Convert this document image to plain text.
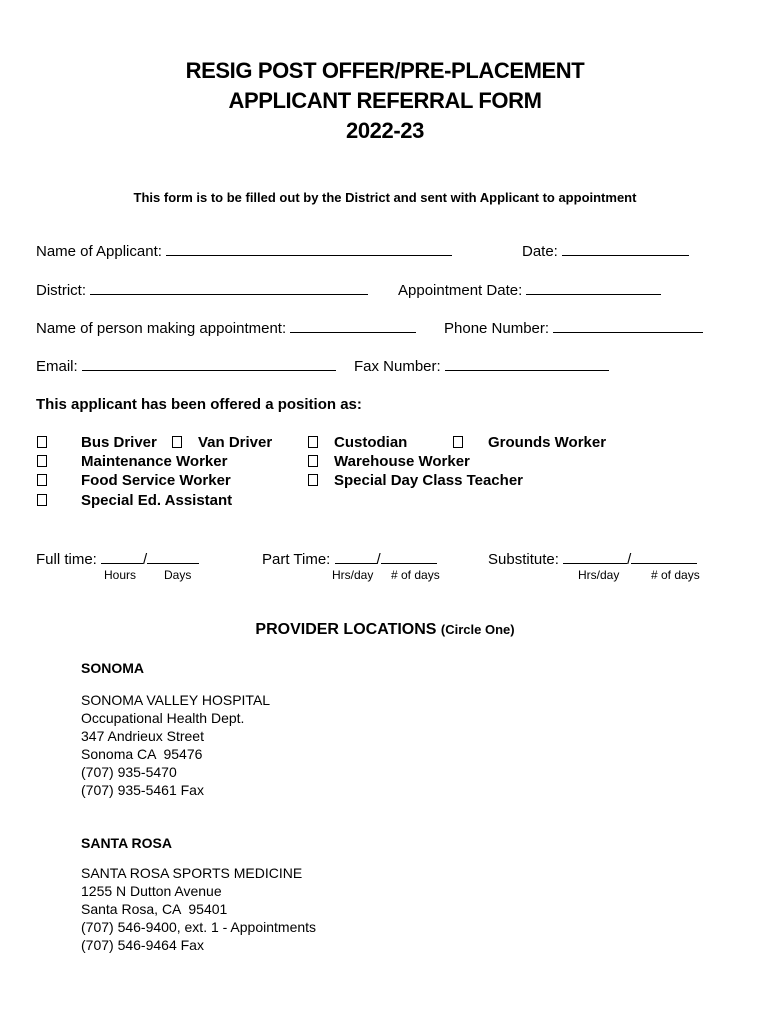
RESIG POST OFFER/PRE-PLACEMENT
APPLICANT REFERRAL FORM
2022-23
This form is to be filled out by the District and sent with Applicant to appointment
Name of Applicant:	Date:
District:	Appointment Date:
Name of person making appointment:	Phone Number:
Email:	Fax Number:
This applicant has been offered a position as:
Bus Driver	Van Driver
Maintenance Worker
Food Service Worker
Special Ed. Assistant
Custodian	Grounds Worker
Warehouse Worker
Special Day Class Teacher
Full time:	/
Hours Days
Part Time:	/
Hrs/day # of days
Substitute:	/
Hrs/day	# of days
PROVIDER LOCATIONS (Circle One)
SONOMA
SONOMA VALLEY HOSPITAL
Occupational Health Dept.
347 Andrieux Street
Sonoma CA  95476
(707) 935-5470
(707) 935-5461 Fax
SANTA ROSA
SANTA ROSA SPORTS MEDICINE
1255 N Dutton Avenue
Santa Rosa, CA  95401
(707) 546-9400, ext. 1 - Appointments
(707) 546-9464 Fax
